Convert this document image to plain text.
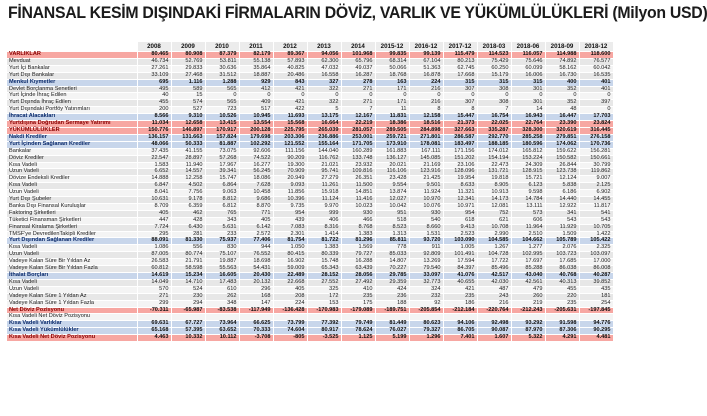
FİNANSAL KESİM DIŞINDAKİ FİRMALARIN DÖVİZ, VARLIK VE YÜKÜMLÜLÜKLERİ (Milyon USD)
	2008	2009	2010	2011	2012	2013	2014	2015-12	2016-12	2017-12	2018-03	2018-06	2018-09	2018-12
VARLIKLAR	80.465	80.908	87.379	82.179	89.367	94.056	101.968	99.835	99.139	115.479	114.523	116.057	114.988	118.600
Mevduat	46.734	52.769	53.811	55.138	57.893	62.300	65.796	68.314	67.104	80.213	75.429	75.646	74.892	76.577
Yurt İçi Bankalar	27.261	29.833	30.636	35.864	40.825	47.032	49.037	50.066	51.363	62.745	60.250	60.099	58.162	60.042
Yurt Dışı Bankalar	33.109	27.468	31.512	18.887	20.486	16.558	16.287	18.768	16.878	17.668	15.179	16.006	16.730	16.535
Menkul Kıymetler	695	1.116	1.288	929	843	327	278	163	224	315	315	315	400	401
Devlet Borçlanma Senetleri	495	589	565	412	421	322	271	171	216	307	308	301	352	401
Yurt İçinde İhraç Edilen	40	15	0	0	0	0	0	0	0	0	0	0	0	0
Yurt Dışında İhraç Edilen	455	574	565	409	421	322	271	171	216	307	308	301	352	397
Yurt Dışındaki Portföy Yatırımları	200	527	723	517	422	5	7	11	8	8	7	14	48	0
İhracat Alacakları	8.566	9.310	10.526	10.945	11.693	13.175	12.167	11.831	12.158	15.447	16.754	16.943	16.447	17.703
Yurtdışına Doğrudan Sermaye Yatırımı	11.034	12.658	13.415	13.554	15.568	16.664	22.219	18.386	18.516	21.373	22.025	22.764	23.390	23.824
YÜKÜMLÜLÜKLER	150.776	146.897	170.917	200.128	225.795	265.039	281.057	289.505	284.898	327.663	335.287	328.300	320.619	316.445
Nakdi Krediler	136.157	131.663	157.824	179.698	203.306	236.886	253.001	259.721	271.801	286.587	292.770	285.258	279.851	276.158
Yurt İçinden Sağlanan Krediler	48.066	50.333	81.887	102.292	121.552	155.164	171.705	173.910	178.081	183.497	188.185	180.596	174.062	170.736
Bankalar	37.435	41.155	73.075	92.606	111.156	144.040	160.289	161.883	167.111	171.156	174.012	165.812	159.622	156.281
Döviz Krediler	22.547	28.897	57.268	74.522	90.209	116.762	133.748	136.127	145.085	151.202	154.194	153.224	150.582	150.661
Kısa Vadeli	1.583	11.940	17.967	16.277	19.300	21.021	23.932	20.021	21.169	23.106	22.473	24.309	26.844	30.799
Uzun Vadeli	6.652	14.557	39.341	56.245	70.909	95.741	109.816	116.106	123.916	128.096	131.721	128.915	123.738	119.862
Dövize Endeksli Krediler	14.888	12.258	15.747	18.086	20.949	27.279	26.351	23.428	21.425	19.954	19.818	15.721	12.124	9.007
Kısa Vadeli	6.847	4.502	6.864	7.628	9.093	11.261	11.500	9.554	9.501	8.633	8.905	6.123	5.838	2.125
Uzun Vadeli	8.041	7.756	9.063	10.458	11.856	15.918	14.851	13.874	11.924	11.321	10.913	9.598	6.186	6.902
Yurt Dışı Şubeler	10.631	9.178	8.812	9.686	10.396	11.124	11.416	12.027	10.970	12.341	14.173	14.784	14.440	14.455
Banka Dışı Finansal Kuruluşlar	8.709	6.359	6.812	8.870	9.735	9.970	10.023	10.042	10.076	10.971	12.081	13.111	12.922	11.817
Faktoring Şirketleri	405	462	765	771	954	999	930	951	930	954	752	573	341	541
Tüketici Finansman Şirketleri	447	428	343	405	439	406	466	518	540	618	621	606	543	543
Finansal Kiralama Şirketleri	7.724	6.430	5.631	6.142	7.083	8.316	8.768	8.523	8.660	9.413	10.708	11.964	11.929	10.705
TMSF'ye DevredilenTakipli Krediler	295	281	233	2.572	2.301	1.414	1.383	1.313	1.531	2.523	2.990	2.510	1.509	1.422
Yurt Dışından Sağlanan Krediler	88.091	81.330	75.937	77.406	81.754	81.722	81.296	85.811	93.720	103.090	104.585	104.662	105.789	105.422
Kısa Vadeli	1.086	556	830	944	1.050	1.383	1.569	778	911	1.005	1.267	1.277	2.076	2.325
Uzun Vadeli	87.005	80.774	75.107	76.552	80.415	80.339	79.727	85.033	92.809	101.491	104.728	102.995	103.723	103.097
Vadeye Kalan Süre Bir Yıldan Az	26.583	21.791	19.887	18.698	16.902	15.748	16.288	14.807	13.269	17.594	17.722	17.697	17.685	17.000
Vadeye Kalan Süre Bir Yıldan Fazla	60.812	58.598	55.563	54.431	59.009	65.343	63.439	70.227	79.540	84.397	85.496	85.288	86.038	86.008
İthalat Borçları	14.619	15.234	16.605	20.430	22.489	28.152	28.056	29.785	33.097	41.076	42.517	43.040	40.768	40.287
Kısa Vadeli	14.049	14.710	17.483	20.132	22.668	27.552	27.492	29.359	32.773	40.655	42.030	42.561	40.313	39.852
Uzun Vadeli	570	524	610	296	405	325	410	424	324	421	487	479	455	435
Vadeye Kalan Süre 1 Yıldan Az	271	230	262	168	208	172	235	236	232	235	243	260	220	181
Vadeye Kalan Süre 1 Yıldan Fazla	299	294	348	147	224	153	175	188	92	186	216	219	235	254
Net Döviz Pozisyonu	-70.311	-65.987	-83.538	-117.949	-136.428	-170.983	-179.089	-189.751	-205.854	-212.184	-220.764	-212.243	-205.631	-197.845
Kısa Vadeli Net Döviz Pozisyonu														
Kısa Vadeli Varlıklar	69.631	67.727	73.964	66.625	73.799	77.392	79.749	81.449	80.623	94.106	92.498	93.292	91.598	94.776
Kısa Vadeli Yükümlülükler	65.168	57.395	63.652	70.333	74.604	80.917	78.624	76.027	79.327	86.705	90.087	87.970	87.306	90.295
Kısa Vadeli Net Döviz Pozisyonu	4.463	10.332	10.112	-3.708	-805	-3.525	1.125	5.199	1.296	7.401	1.607	5.322	4.291	4.481
